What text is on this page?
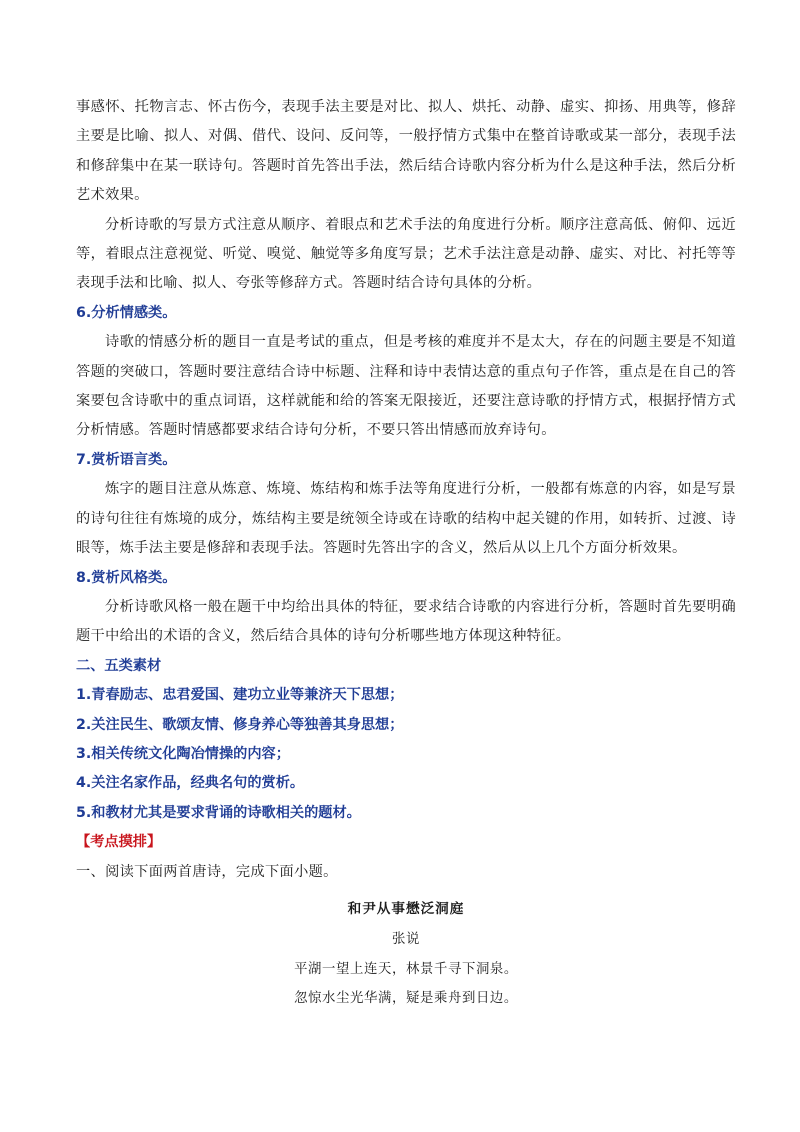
事感怀、托物言志、怀古伤今，表现手法主要是对比、拟人、烘托、动静、虚实、抑扬、用典等，修辞主要是比喻、拟人、对偶、借代、设问、反问等，一般抒情方式集中在整首诗歌或某一部分，表现手法和修辞集中在某一联诗句。答题时首先答出手法，然后结合诗歌内容分析为什么是这种手法，然后分析艺术效果。

分析诗歌的写景方式注意从顺序、着眼点和艺术手法的角度进行分析。顺序注意高低、俯仰、远近等，着眼点注意视觉、听觉、嗅觉、触觉等多角度写景；艺术手法注意是动静、虚实、对比、衬托等等表现手法和比喻、拟人、夸张等修辞方式。答题时结合诗句具体的分析。

6.分析情感类。

诗歌的情感分析的题目一直是考试的重点，但是考核的难度并不是太大，存在的问题主要是不知道答题的突破口，答题时要注意结合诗中标题、注释和诗中表情达意的重点句子作答，重点是在自己的答案要包含诗歌中的重点词语，这样就能和给的答案无限接近，还要注意诗歌的抒情方式，根据抒情方式分析情感。答题时情感都要求结合诗句分析，不要只答出情感而放弃诗句。

7.赏析语言类。

炼字的题目注意从炼意、炼境、炼结构和炼手法等角度进行分析，一般都有炼意的内容，如是写景的诗句往往有炼境的成分，炼结构主要是统领全诗或在诗歌的结构中起关键的作用，如转折、过渡、诗眼等，炼手法主要是修辞和表现手法。答题时先答出字的含义，然后从以上几个方面分析效果。

8.赏析风格类。

分析诗歌风格一般在题干中均给出具体的特征，要求结合诗歌的内容进行分析，答题时首先要明确题干中给出的术语的含义，然后结合具体的诗句分析哪些地方体现这种特征。

二、五类素材

1.青春励志、忠君爱国、建功立业等兼济天下思想；

2.关注民生、歌颂友情、修身养心等独善其身思想；

3.相关传统文化陶冶情操的内容；

4.关注名家作品，经典名句的赏析。

5.和教材尤其是要求背诵的诗歌相关的题材。

【考点摸排】

一、阅读下面两首唐诗，完成下面小题。

和尹从事懋泛洞庭

张说

平湖一望上连天，林景千寻下洞泉。

忽惊水尘光华满，疑是乘舟到日边。
